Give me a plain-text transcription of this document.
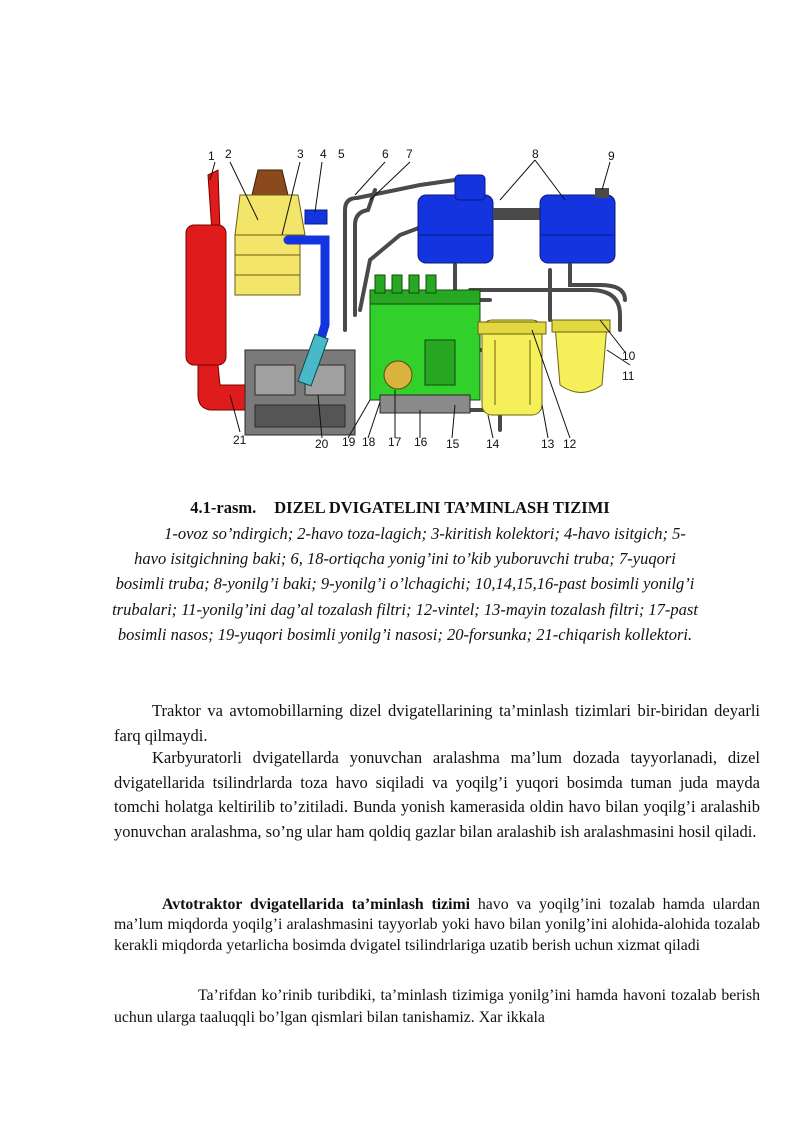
1 2	3 4 5	6 7	8	9
10
11
21	20 19 18 17 16 15 14	13 12
4.1-rasm. DIZEL DVIGATELINI TA’MINLASH TIZIMI
1-ovoz so’ndirgich; 2-havo toza-lagich; 3-kiritish kolektori; 4-havo isitgich; 5-havo isitgichning baki; 6, 18-ortiqcha yonig’ini to’kib yuboruvchi truba; 7-yuqori bosimli truba; 8-yonilg’i baki; 9-yonilg’i o’lchagichi; 10,14,15,16-past bosimli yonilg’i trubalari; 11-yonilg’ini dag’al tozalash filtri; 12-vintel; 13-mayin tozalash filtri; 17-past bosimli nasos; 19-yuqori bosimli yonilg’i nasosi; 20-forsunka; 21-chiqarish kollektori.
Traktor va avtomobillarning dizel dvigatellarining ta’minlash tizimlari bir-biridan deyarli farq qilmaydi.
Karbyuratorli dvigatellarda yonuvchan aralashma ma’lum dozada tayyorlanadi, dizel dvigatellarida tsilindrlarda toza havo siqiladi va yoqilg’i yuqori bosimda tuman juda mayda tomchi holatga keltirilib to’zitiladi. Bunda yonish kamerasida oldin havo bilan yoqilg’i aralashib yonuvchan aralashma, so’ng ular ham qoldiq gazlar bilan aralashib ish aralashmasini hosil qiladi.
Avtotraktor dvigatellarida ta’minlash tizimi havo va yoqilg’ini tozalab hamda ulardan ma’lum miqdorda yoqilg’i aralashmasini tayyorlab yoki havo bilan yonilg’ini alohida-alohida tozalab kerakli miqdorda yetarlicha bosimda dvigatel tsilindrlariga uzatib berish uchun xizmat qiladi
Ta’rifdan ko’rinib turibdiki, ta’minlash tizimiga yonilg’ini hamda havoni tozalab berish uchun ularga taaluqqli bo’lgan qismlari bilan tanishamiz. Xar ikkala
